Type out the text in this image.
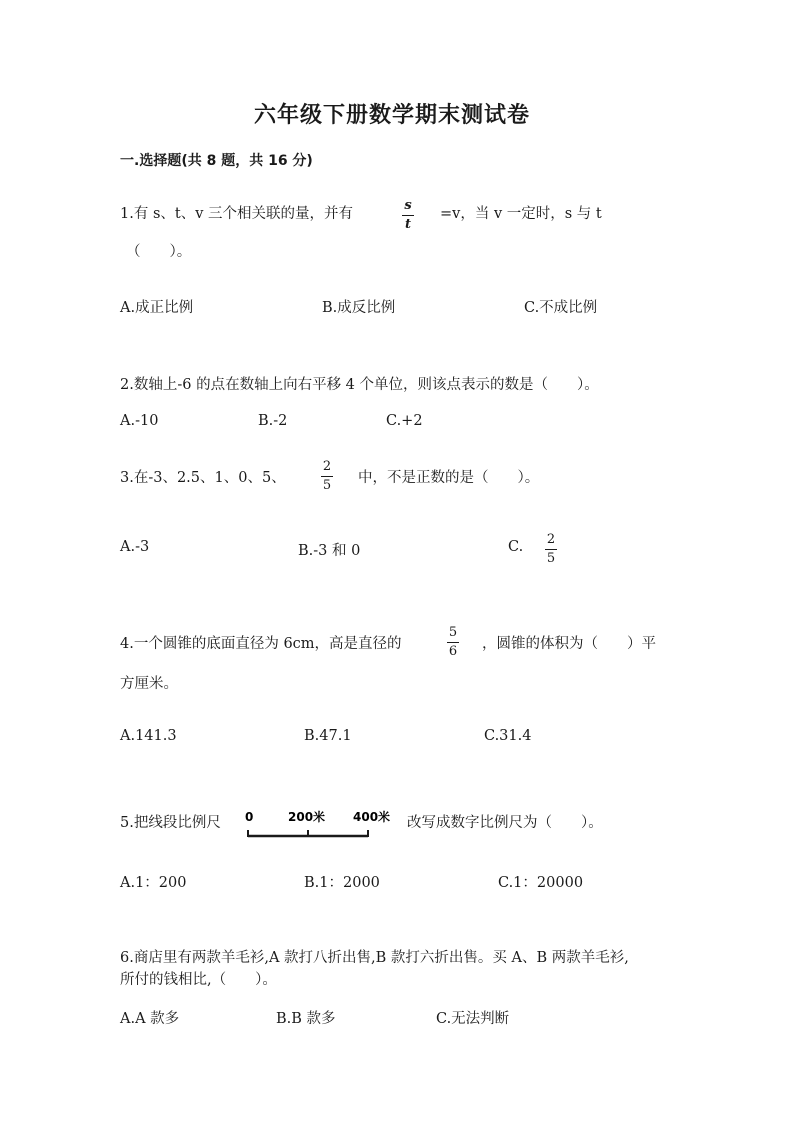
六年级下册数学期末测试卷
一.选择题(共 8 题，共 16 分)
1.有 s、t、v 三个相关联的量，并有
s
t
=v，当 v 一定时，s 与 t
（　　）。
A.成正比例	B.成反比例	C.不成比例
2.数轴上-6 的点在数轴上向右平移 4 个单位，则该点表示的数是（　　）。
A.-10	B.-2	C.+2
3.在-3、2.5、1、0、5、
2
5 中，不是正数的是（　　）。
A.-3	B.-3 和 0	C. 2
5
4.一个圆锥的底面直径为 6cm，高是直径的
5
6 ，圆锥的体积为（　　）平
方厘米。
A.141.3	B.47.1	C.31.4
5.把线段比例尺 0	200米 400米 改写成数字比例尺为（　　）。
A.1：200	B.1：2000	C.1：20000
6.商店里有两款羊毛衫,A 款打八折出售,B 款打六折出售。买 A、B 两款羊毛衫,
所付的钱相比,（　　）。
A.A 款多	B.B 款多	C.无法判断
